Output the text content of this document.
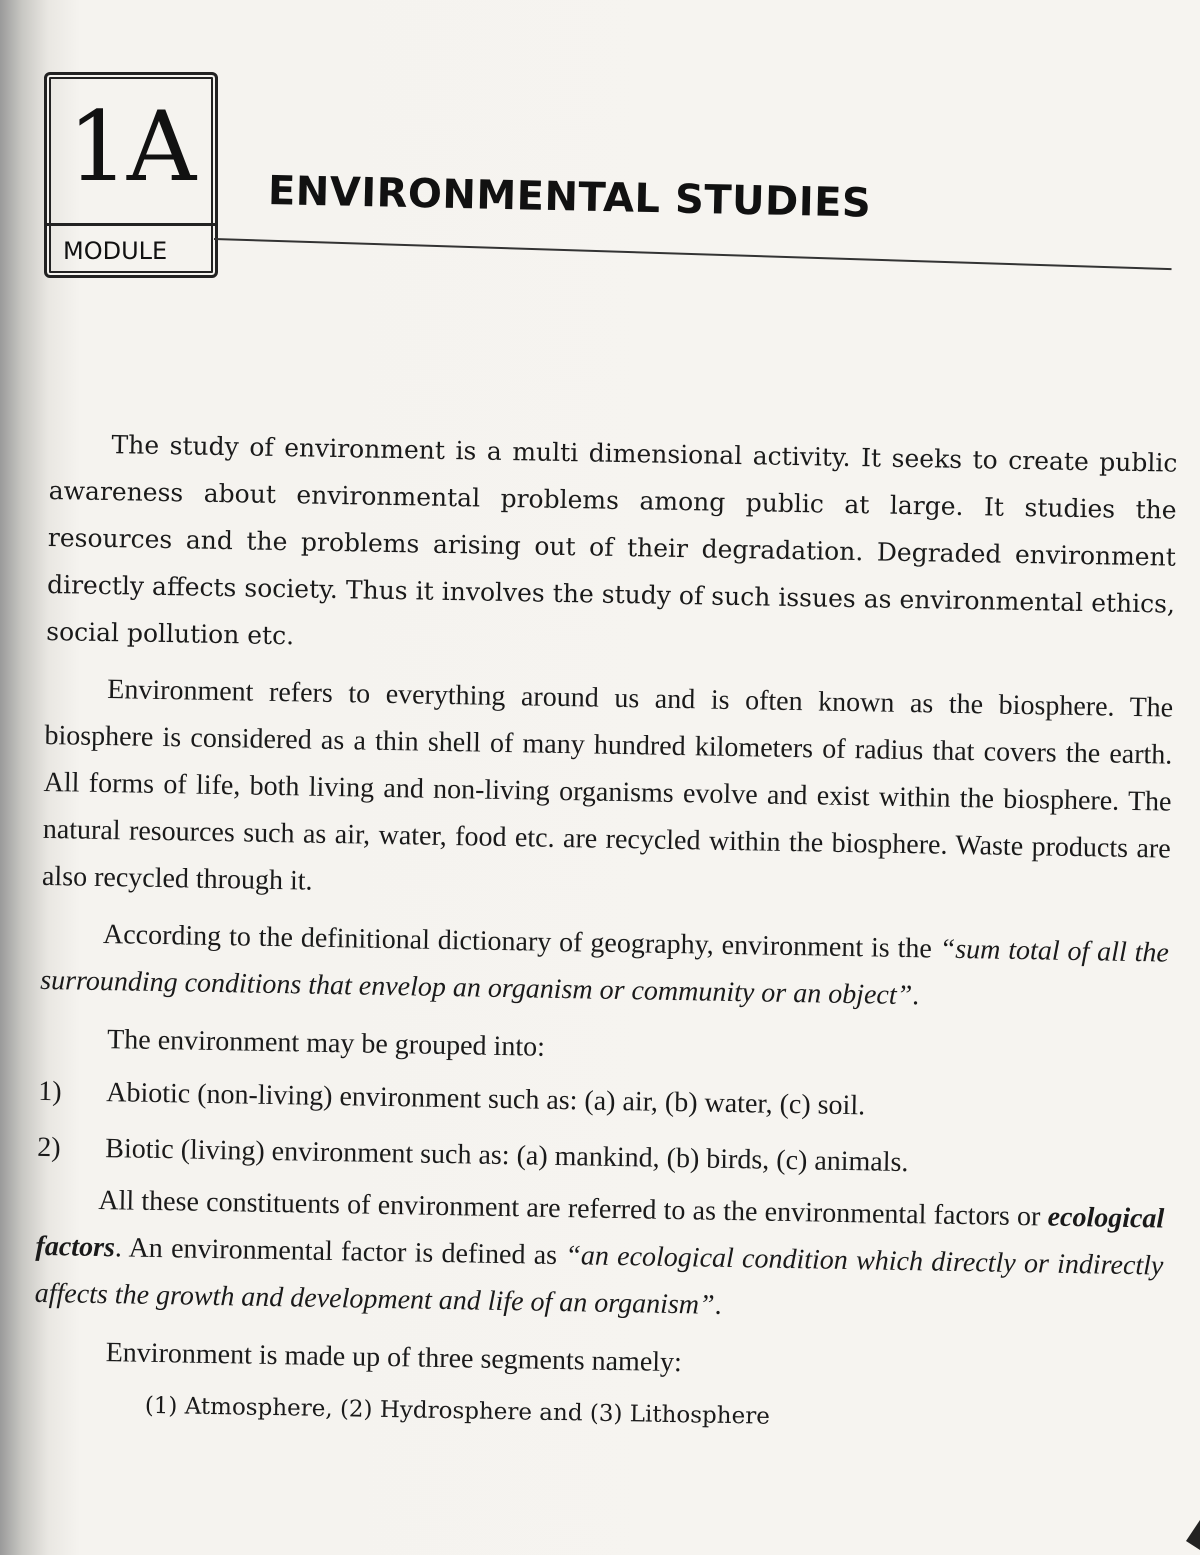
1A
MODULE
ENVIRONMENTAL STUDIES

The study of environment is a multi dimensional activity. It seeks to create public awareness about environmental problems among public at large. It studies the resources and the problems arising out of their degradation. Degraded environment directly affects society. Thus it involves the study of such issues as environmental ethics, social pollution etc.

Environment refers to everything around us and is often known as the biosphere. The biosphere is considered as a thin shell of many hundred kilometers of radius that covers the earth. All forms of life, both living and non-living organisms evolve and exist within the biosphere. The natural resources such as air, water, food etc. are recycled within the biosphere. Waste products are also recycled through it.

According to the definitional dictionary of geography, environment is the “sum total of all the surrounding conditions that envelop an organism or community or an object”.

The environment may be grouped into:
1)	Abiotic (non-living) environment such as: (a) air, (b) water, (c) soil.
2)	Biotic (living) environment such as: (a) mankind, (b) birds, (c) animals.

All these constituents of environment are referred to as the environmental factors or ecological factors. An environmental factor is defined as “an ecological condition which directly or indirectly affects the growth and development and life of an organism”.

Environment is made up of three segments namely:
(1) Atmosphere, (2) Hydrosphere and (3) Lithosphere
